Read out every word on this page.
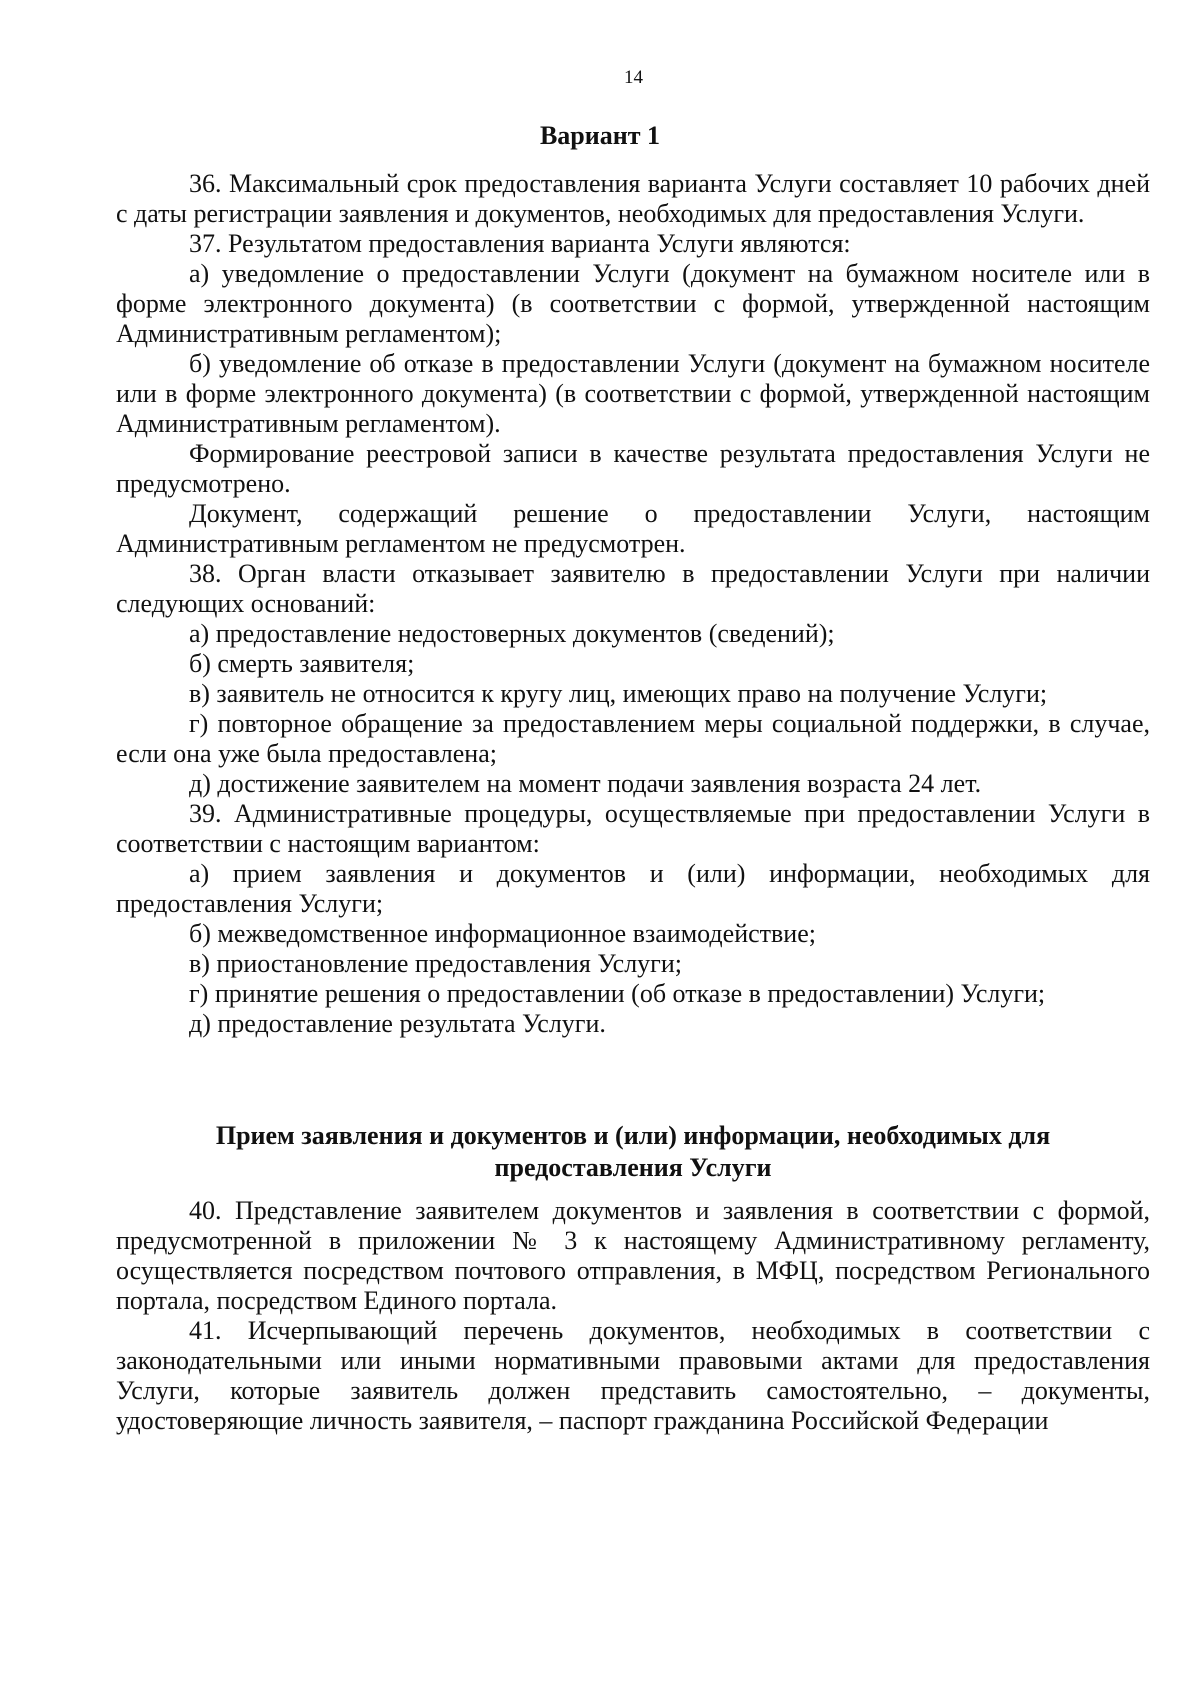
14
Вариант 1

36. Максимальный срок предоставления варианта Услуги составляет 10 рабочих дней с даты регистрации заявления и документов, необходимых для предоставления Услуги.

37. Результатом предоставления варианта Услуги являются:

а) уведомление о предоставлении Услуги (документ на бумажном носителе или в форме электронного документа) (в соответствии с формой, утвержденной настоящим Административным регламентом);

б) уведомление об отказе в предоставлении Услуги (документ на бумажном носителе или в форме электронного документа) (в соответствии с формой, утвержденной настоящим Административным регламентом).

Формирование реестровой записи в качестве результата предоставления Услуги не предусмотрено.

Документ, содержащий решение о предоставлении Услуги, настоящим Административным регламентом не предусмотрен.

38. Орган власти отказывает заявителю в предоставлении Услуги при наличии следующих оснований:

а) предоставление недостоверных документов (сведений);

б) смерть заявителя;

в) заявитель не относится к кругу лиц, имеющих право на получение Услуги;

г) повторное обращение за предоставлением меры социальной поддержки, в случае, если она уже была предоставлена;

д) достижение заявителем на момент подачи заявления возраста 24 лет.

39. Административные процедуры, осуществляемые при предоставлении Услуги в соответствии с настоящим вариантом:

а) прием заявления и документов и (или) информации, необходимых для предоставления Услуги;

б) межведомственное информационное взаимодействие;

в) приостановление предоставления Услуги;

г) принятие решения о предоставлении (об отказе в предоставлении) Услуги;

д) предоставление результата Услуги.

Прием заявления и документов и (или) информации, необходимых для
предоставления Услуги

40. Представление заявителем документов и заявления в соответствии с формой, предусмотренной в приложении № 3 к настоящему Административному регламенту, осуществляется посредством почтового отправления, в МФЦ, посредством Регионального портала, посредством Единого портала.

41. Исчерпывающий перечень документов, необходимых в соответствии с законодательными или иными нормативными правовыми актами для предоставления Услуги, которые заявитель должен представить самостоятельно, – документы, удостоверяющие личность заявителя, – паспорт гражданина Российской Федерации
